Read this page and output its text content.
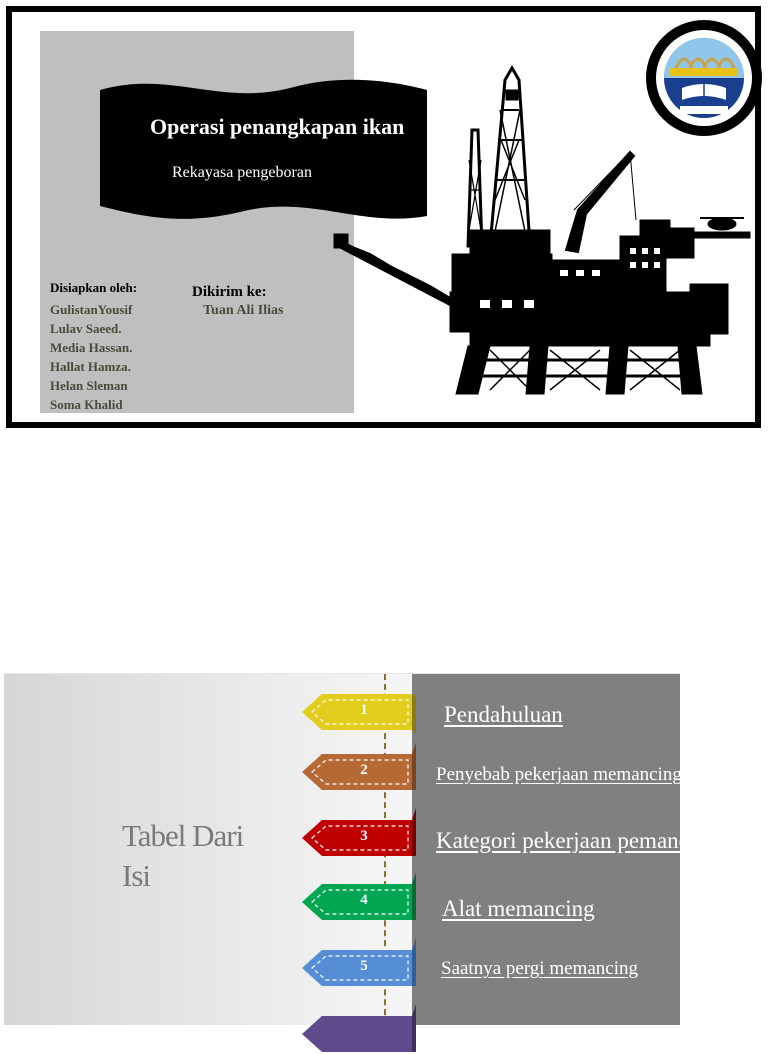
Operasi penangkapan ikan
Rekayasa pengeboran
Disiapkan oleh:
GulistanYousif
Lulav Saeed.
Media Hassan.
Hallat Hamza.
Helan Sleman
Soma Khalid
Dikirim ke:
Tuan Ali Ilias
Tabel Dari Isi
1
2
3
4
5
Pendahuluan
Penyebab pekerjaan memancing
Kategori pekerjaan pemancingan
Alat memancing
Saatnya pergi memancing
